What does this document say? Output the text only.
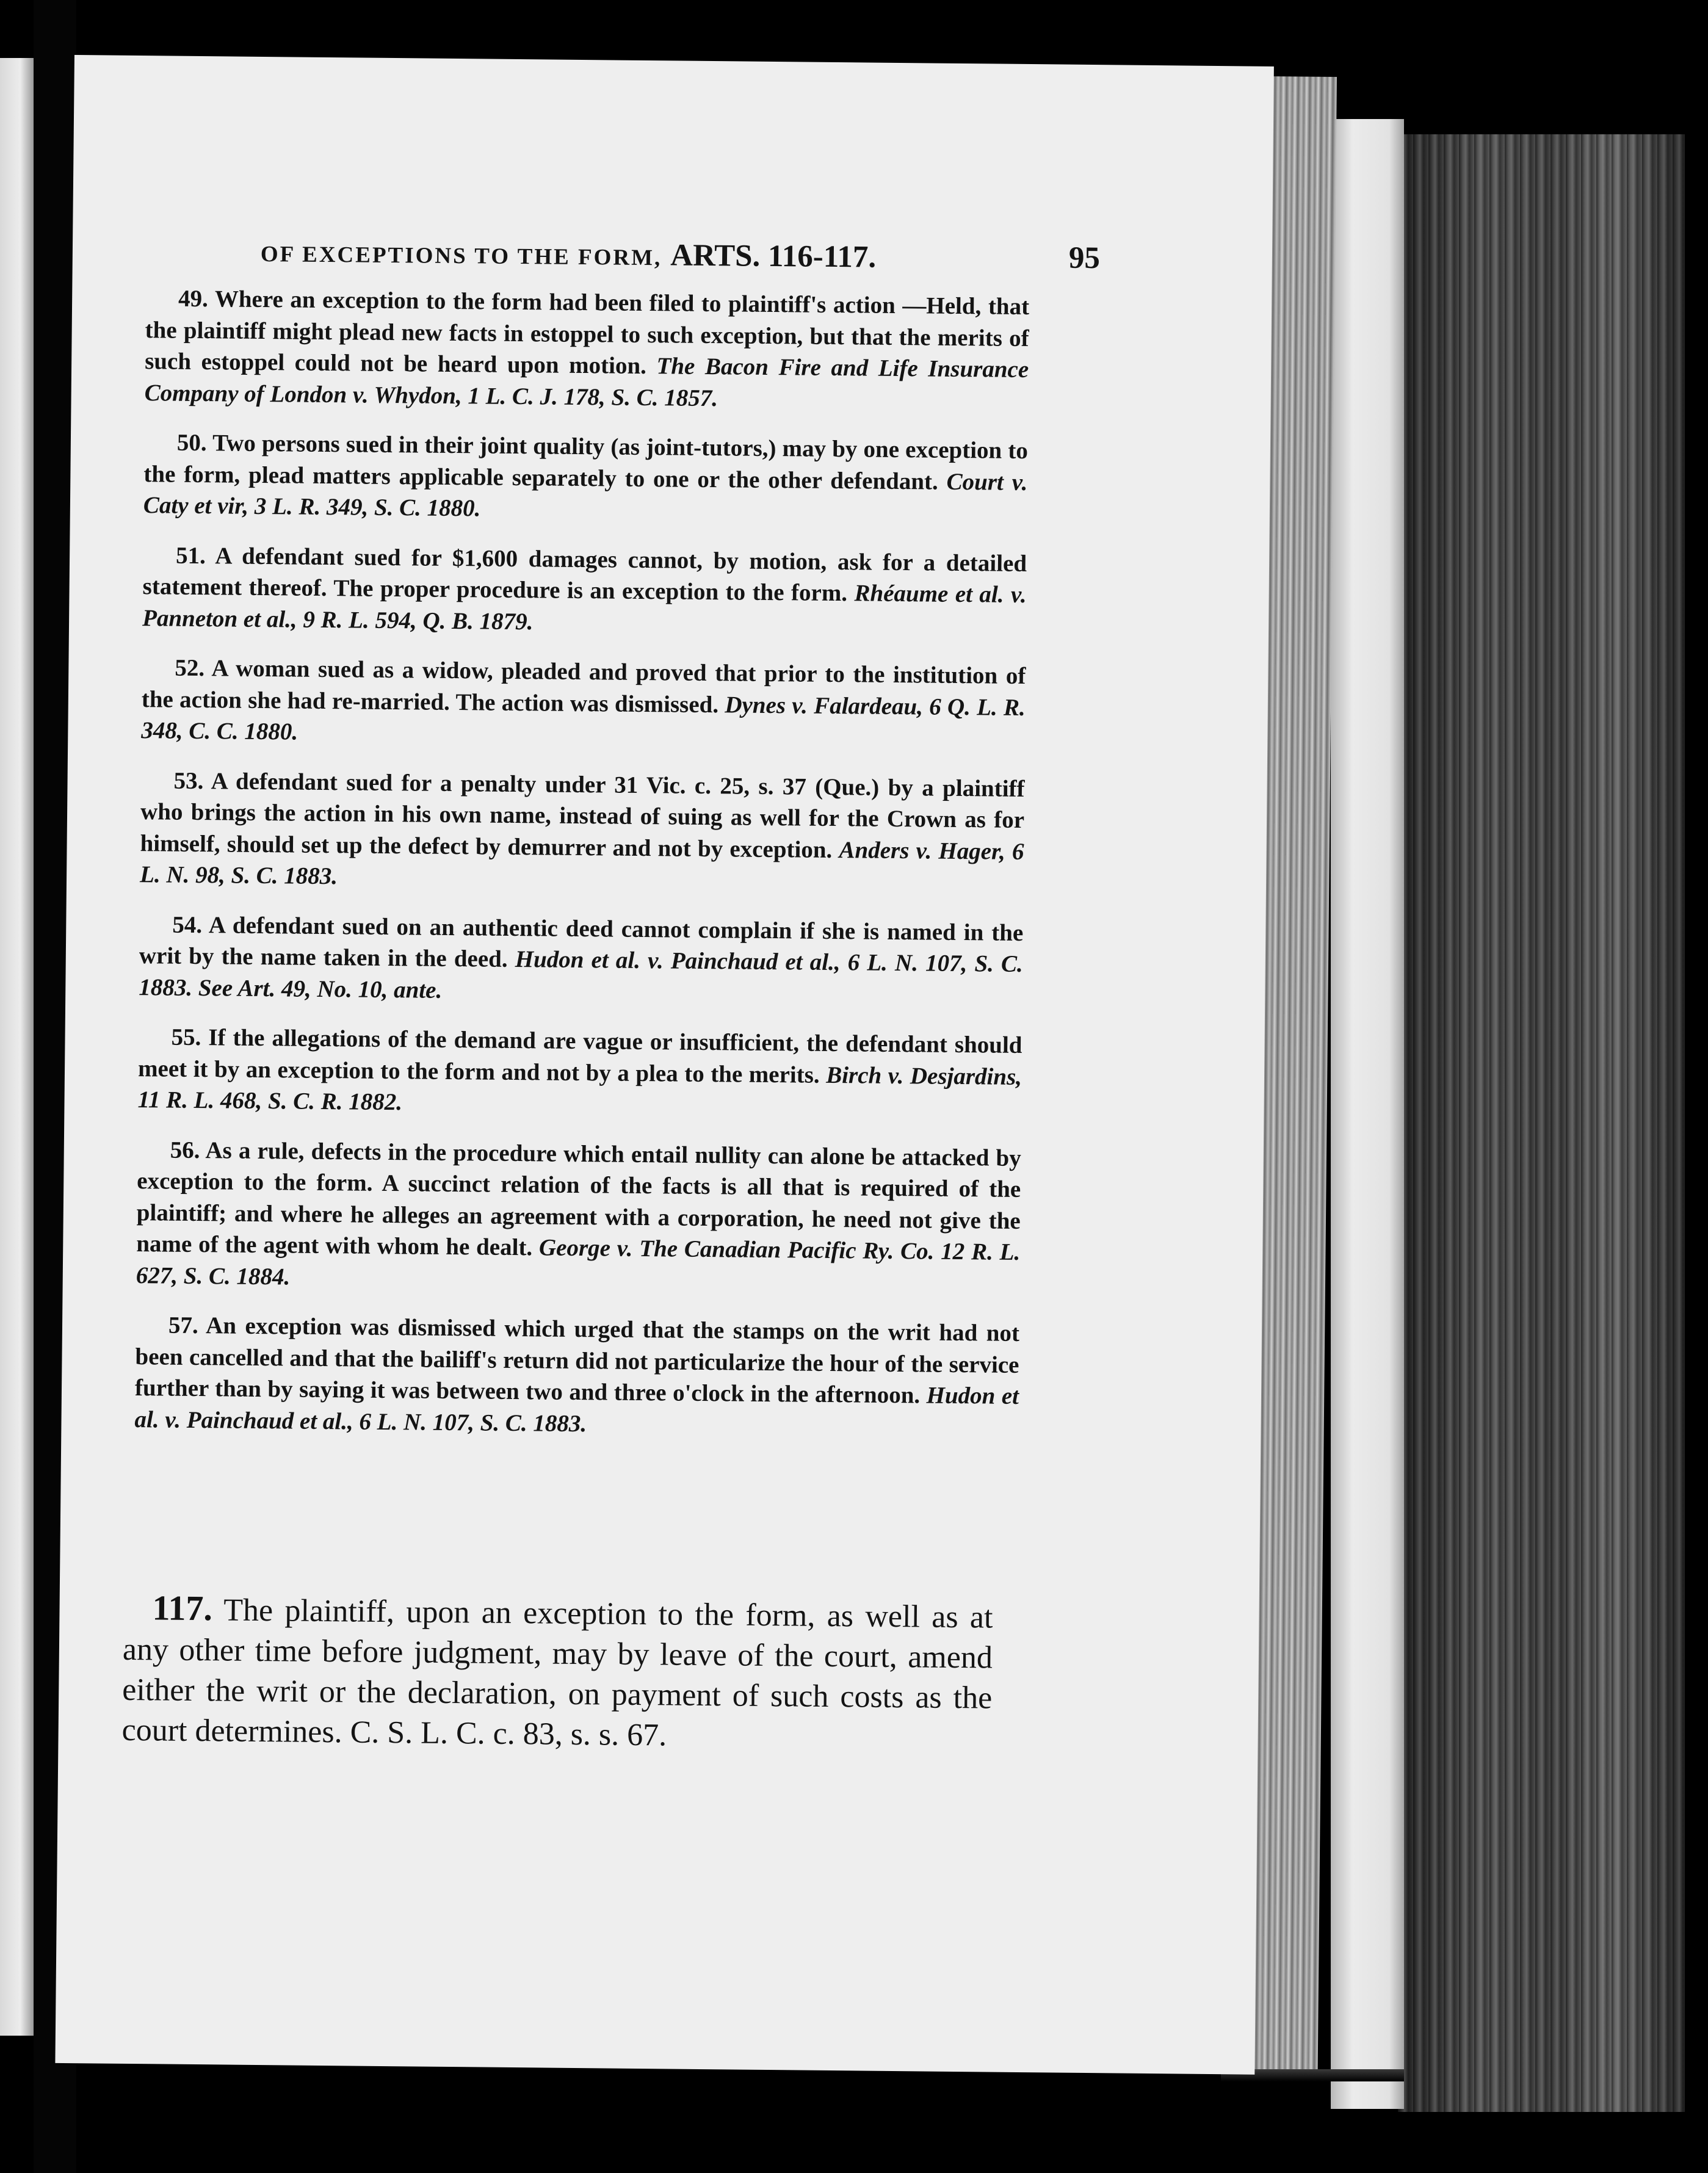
OF EXCEPTIONS TO THE FORM, ARTS. 116-117.	95

49. Where an exception to the form had been filed to plaintiff's action —Held, that the plaintiff might plead new facts in estoppel to such exception, but that the merits of such estoppel could not be heard upon motion. The Bacon Fire and Life Insurance Company of London v. Whydon, 1 L. C. J. 178, S. C. 1857.

50. Two persons sued in their joint quality (as joint-tutors,) may by one exception to the form, plead matters applicable separately to one or the other defendant. Court v. Caty et vir, 3 L. R. 349, S. C. 1880.

51. A defendant sued for $1,600 damages cannot, by motion, ask for a detailed statement thereof. The proper procedure is an exception to the form. Rhéaume et al. v. Panneton et al., 9 R. L. 594, Q. B. 1879.

52. A woman sued as a widow, pleaded and proved that prior to the institution of the action she had re-married. The action was dismissed. Dynes v. Falardeau, 6 Q. L. R. 348, C. C. 1880.

53. A defendant sued for a penalty under 31 Vic. c. 25, s. 37 (Que.) by a plaintiff who brings the action in his own name, instead of suing as well for the Crown as for himself, should set up the defect by demurrer and not by exception. Anders v. Hager, 6 L. N. 98, S. C. 1883.

54. A defendant sued on an authentic deed cannot complain if she is named in the writ by the name taken in the deed. Hudon et al. v. Painchaud et al., 6 L. N. 107, S. C. 1883. See Art. 49, No. 10, ante.

55. If the allegations of the demand are vague or insufficient, the defendant should meet it by an exception to the form and not by a plea to the merits. Birch v. Desjardins, 11 R. L. 468, S. C. R. 1882.

56. As a rule, defects in the procedure which entail nullity can alone be attacked by exception to the form. A succinct relation of the facts is all that is required of the plaintiff; and where he alleges an agreement with a corporation, he need not give the name of the agent with whom he dealt. George v. The Canadian Pacific Ry. Co. 12 R. L. 627, S. C. 1884.

57. An exception was dismissed which urged that the stamps on the writ had not been cancelled and that the bailiff's return did not particularize the hour of the service further than by saying it was between two and three o'clock in the afternoon. Hudon et al. v. Painchaud et al., 6 L. N. 107, S. C. 1883.

117. The plaintiff, upon an exception to the form, as well as at any other time before judgment, may by leave of the court, amend either the writ or the declaration, on payment of such costs as the court determines. C. S. L. C. c. 83, s. s. 67.
